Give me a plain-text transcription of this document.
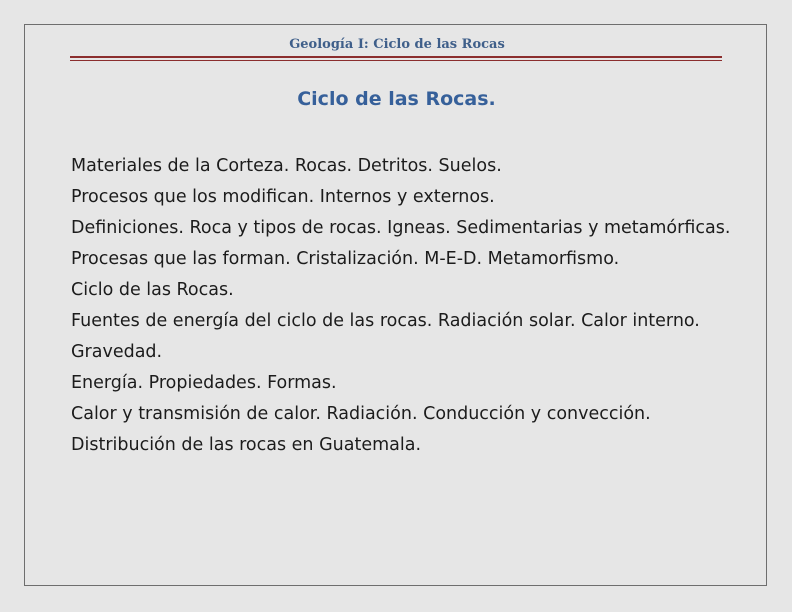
Geología I: Ciclo de las Rocas
Ciclo de las Rocas.

Materiales de la Corteza. Rocas. Detritos. Suelos.

Procesos que los modifican. Internos y externos.

Definiciones. Roca y tipos de rocas. Igneas. Sedimentarias y metamórficas.

Procesas que las forman. Cristalización. M-E-D. Metamorfismo.

Ciclo de las Rocas.

Fuentes de energía del ciclo de las rocas. Radiación solar. Calor interno. Gravedad.

Energía. Propiedades. Formas.

Calor y transmisión de calor. Radiación. Conducción y convección.

Distribución de las rocas en Guatemala.
